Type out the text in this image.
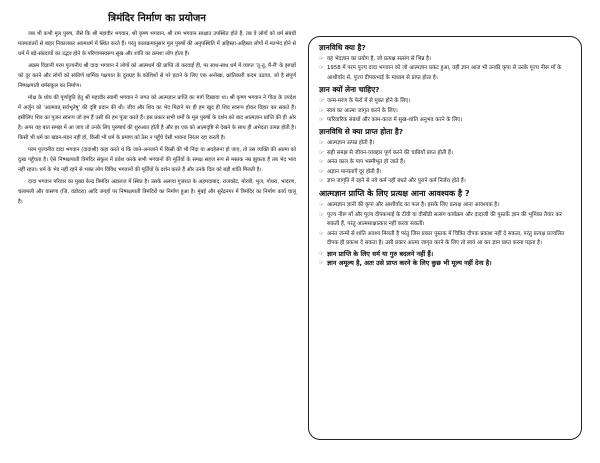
त्रिमंदिर निर्माण का प्रयोजन

जब भी कभी मूल पुरुष, जैसे कि श्री महावीर भगवान, श्री कृष्ण भगवान, श्री राम भगवान साक्षात उपस्थित होते हैं, तब वे लोगों को धर्म संबंधी मतमतांतरों से बाहर निकालकर आत्मधर्म में स्थित करते हैं। परंतु कालक्रमानुसार मूल पुरुषों की अनुपस्थिति में अहिस्ता-अहिस्ता लोगों में मतभेद होने से धर्म में बड़े-संप्रदायों का उद्भव होने के परिणामस्वरूप सुख और शांति का क्रमशः लोप होता है।

अक्रम विज्ञानी परम पूज्यनीय श्री दादा भगवान ने लोगों को आत्मधर्म की प्राप्ति तो करवाई ही, पर साथ-साथ धर्म में व्याप्त 'तू-तू, मैं-मैं' के झगड़ों को दूर करने और लोगों को संकीर्ण धार्मिक पक्षपात के दुराग्रह के कोशिशों से परे हटाने के लिए एक अनोखा, क्रांतिकारी कदम उठाया, जो है संपूर्ण निष्पक्षपाती धर्मसंकुल का निर्माण।

मोक्ष के ध्येय की पूर्णाहुति हेतु श्री महावीर स्वामी भगवान ने जगत को आत्मज्ञान प्राप्ति का मार्ग दिखाया था। श्री कृष्ण भगवान ने गीता के उपदेश में अर्जुन को 'आत्मवत् सर्वभूतेषु' की दृष्टि प्रदान की थी। जीव और शिव का भेद मिटाने पर ही हम खुद ही शिव स्वरूप होकर विहार कर सकते हैं। इसीलिए शिव का पूजन स्वरूप जो हम हैं उसी की हम पूजा करते हैं। इस प्रकार सभी धर्मों के मूल पुरुषों के दर्शन को बाद आत्मज्ञान प्राप्ति की ही ओर है। अगर यह बात समझ में आ जाए तो उनके लिए पुरुषार्थ की शुरुआत होती है और हर एक को आत्मदृष्टि से देखने के साथ ही अभेदता उत्पन्न होती है। किसी भी धर्म का खंडन-मंडन नहीं हो, किसी भी धर्म के प्रमाण को ठेस न पहुँचे ऐसी भावना निरंतर रहा करती है।

परम पूज्यनीय दादा भगवान (दादाश्री) कहा करते थे कि जाने-अनजाने में किसी की भी निंदा या अवहेलना हो जाए, तो उस व्यक्ति की आत्मा को दुःख पहुँचता है। ऐसे निष्पक्षपाती त्रिमंदिर संकुल में प्रवेश करके सभी भगवानों की मूर्तियों के समक्ष सहज रूप से मस्तक नम्र झुकता है तब भेद भाव नहीं रहता। धर्म के भेद नहीं रहने से भक्त लोग विविध भगवानों की मूर्तियों के दर्शन करते हैं और उनके दिल को बड़ी शांति मिलती है।

दादा भगवान परिवार का मुख्य केन्द्र त्रिमंदिर अडालज में स्थित है। उसके अलावा गुजरात के अहमदाबाद, राजकोट, मोरबी, भुज, गोधरा, भादरण, चलामली और वासणा (जि. वडोदरा) आदि जगहों पर निष्पक्षपाती त्रिमंदिरों का निर्माण हुआ है। मुंबई और सुरेंद्रनगर में त्रिमंदिर का निर्माण कार्य चालू है।

ज्ञानविधि क्या है?
☞ यह भेदज्ञान का प्रयोग है, जो प्रत्यक्ष सत्संग से भिन्न है।
☞ 1958 में परम पूज्य दादा भगवान को जो आत्मज्ञान प्रकट हुआ, वही ज्ञान आज भी उनकी कृपा से उनके पूज्य नीरू माँ के आशीर्वाद से, पूज्य दीपकभाई के माध्यम से प्राप्त होता है।
ज्ञान क्यों लेना चाहिए?
☞ जन्म-मरण के फेरों में से मुक्त होने के लिए।
☞ स्वयं का आत्मा जागृत करने के लिए।
☞ पारिवारिक संबंधों और काम-काज में सुख-शांति अनुभव करने के लिए।
ज्ञानविधि से क्या प्राप्त होता है?
☞ आत्मज्ञान उत्पन्न होती है।
☞ सही समझ से जीवन-व्यवहार पूर्ण करने की चाबियाँ प्राप्त होती हैं।
☞ अनंत काल के पाप भस्मीभूत हो जाते हैं।
☞ अज्ञान मान्यताएँ दूर होती हैं।
☞ ज्ञान जागृति में रहने से नये कर्म नहीं बंधते और पुराने कर्म निर्जरा होते हैं।
आत्मज्ञान प्राप्ति के लिए प्रत्यक्ष आना आवश्यक है ?
☞ आत्मज्ञान ज्ञानी की कृपा और आशीर्वाद का फल है। इसके लिए प्रत्यक्ष आना आवश्यक है।
☞ पूज्य नीरू माँ और पूज्य दीपकभाई के टीवी या वीसीडी सत्संग कार्यक्रम और दादाजी की पुस्तकें ज्ञान की भूमिका तैयार कर सकती हैं, परंतु आत्मसाक्षात्कार नहीं करवा सकतीं।
☞ अनंत जन्मों से शांति अवश्य मिलती है परंतु जिस प्रकार पुस्तक में चित्रित दीपक प्रकाश नहीं दे सकता, परंतु प्रत्यक्ष प्रज्वलित दीपक ही प्रकाश दे सकता है। उसी प्रकार आत्मा जागृत करने के लिए तो स्वयं आ कर ज्ञान प्राप्त करना पड़ता है।
☞ ज्ञान प्राप्ति के लिए धर्म या गुरु बदलने नहीं हैं।
☞ ज्ञान अमूल्य है, अतः उसे प्राप्त करने के लिए कुछ भी मूल्य नहीं देना है।
